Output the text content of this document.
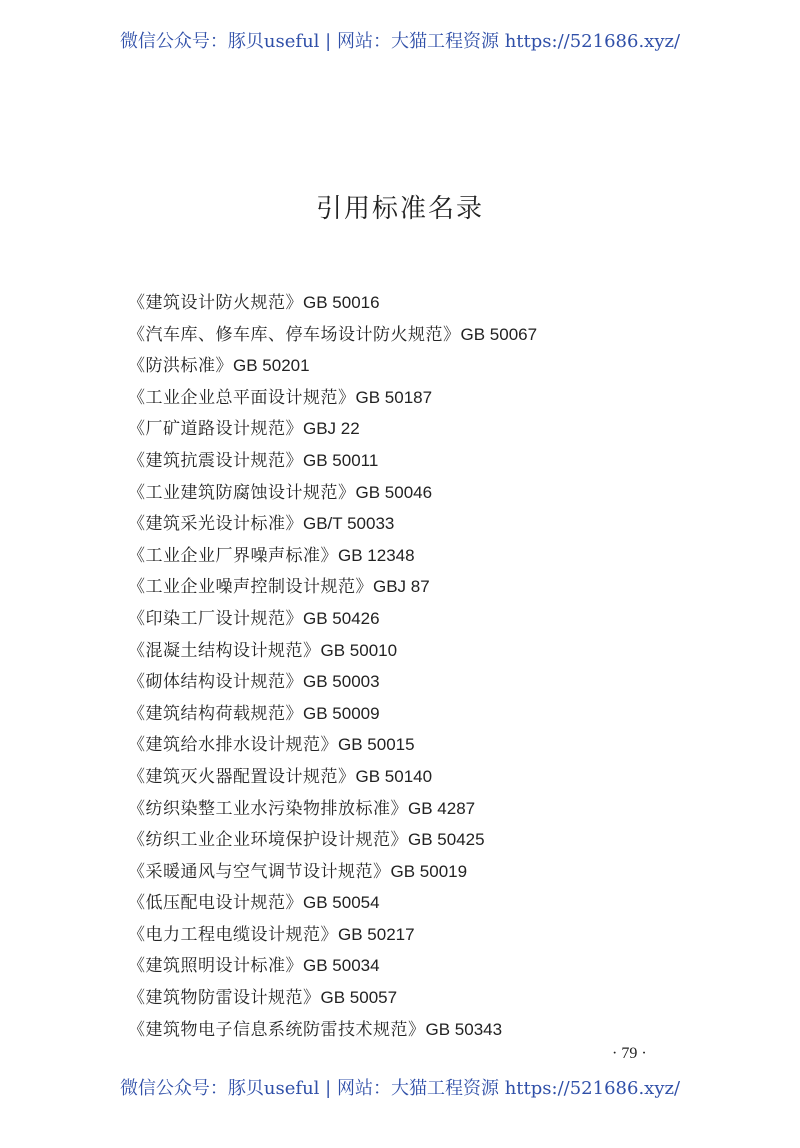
微信公众号：豚贝useful | 网站：大猫工程资源 https://521686.xyz/
引用标准名录
《建筑设计防火规范》GB 50016
《汽车库、修车库、停车场设计防火规范》GB 50067
《防洪标准》GB 50201
《工业企业总平面设计规范》GB 50187
《厂矿道路设计规范》GBJ 22
《建筑抗震设计规范》GB 50011
《工业建筑防腐蚀设计规范》GB 50046
《建筑采光设计标准》GB/T 50033
《工业企业厂界噪声标准》GB 12348
《工业企业噪声控制设计规范》GBJ 87
《印染工厂设计规范》GB 50426
《混凝土结构设计规范》GB 50010
《砌体结构设计规范》GB 50003
《建筑结构荷载规范》GB 50009
《建筑给水排水设计规范》GB 50015
《建筑灭火器配置设计规范》GB 50140
《纺织染整工业水污染物排放标准》GB 4287
《纺织工业企业环境保护设计规范》GB 50425
《采暖通风与空气调节设计规范》GB 50019
《低压配电设计规范》GB 50054
《电力工程电缆设计规范》GB 50217
《建筑照明设计标准》GB 50034
《建筑物防雷设计规范》GB 50057
《建筑物电子信息系统防雷技术规范》GB 50343
· 79 ·
微信公众号：豚贝useful | 网站：大猫工程资源 https://521686.xyz/
